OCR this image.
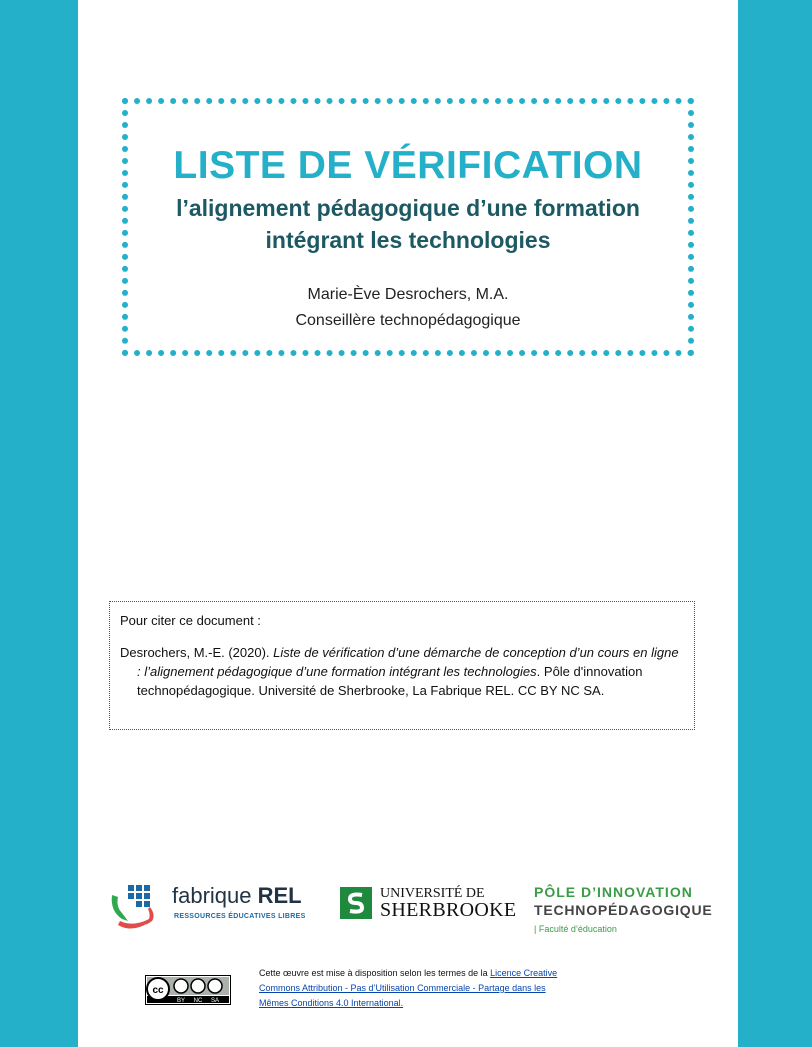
LISTE DE VÉRIFICATION
l’alignement pédagogique d’une formation
intégrant les technologies
Marie-Ève Desrochers, M.A.
Conseillère technopédagogique

Pour citer ce document :

Desrochers, M.-E. (2020). Liste de vérification d’une démarche de conception d’un cours en ligne : l’alignement pédagogique d’une formation intégrant les technologies. Pôle d'innovation technopédagogique. Université de Sherbrooke, La Fabrique REL. CC BY NC SA.

fabrique REL
RESSOURCES ÉDUCATIVES LIBRES
UNIVERSITÉ DE
SHERBROOKE
PÔLE D’INNOVATION
TECHNOPÉDAGOGIQUE
| Faculté d’éducation
cc
BY NC SA
Cette œuvre est mise à disposition selon les termes de la Licence Creative Commons Attribution - Pas d’Utilisation Commerciale - Partage dans les Mêmes Conditions 4.0 International.
